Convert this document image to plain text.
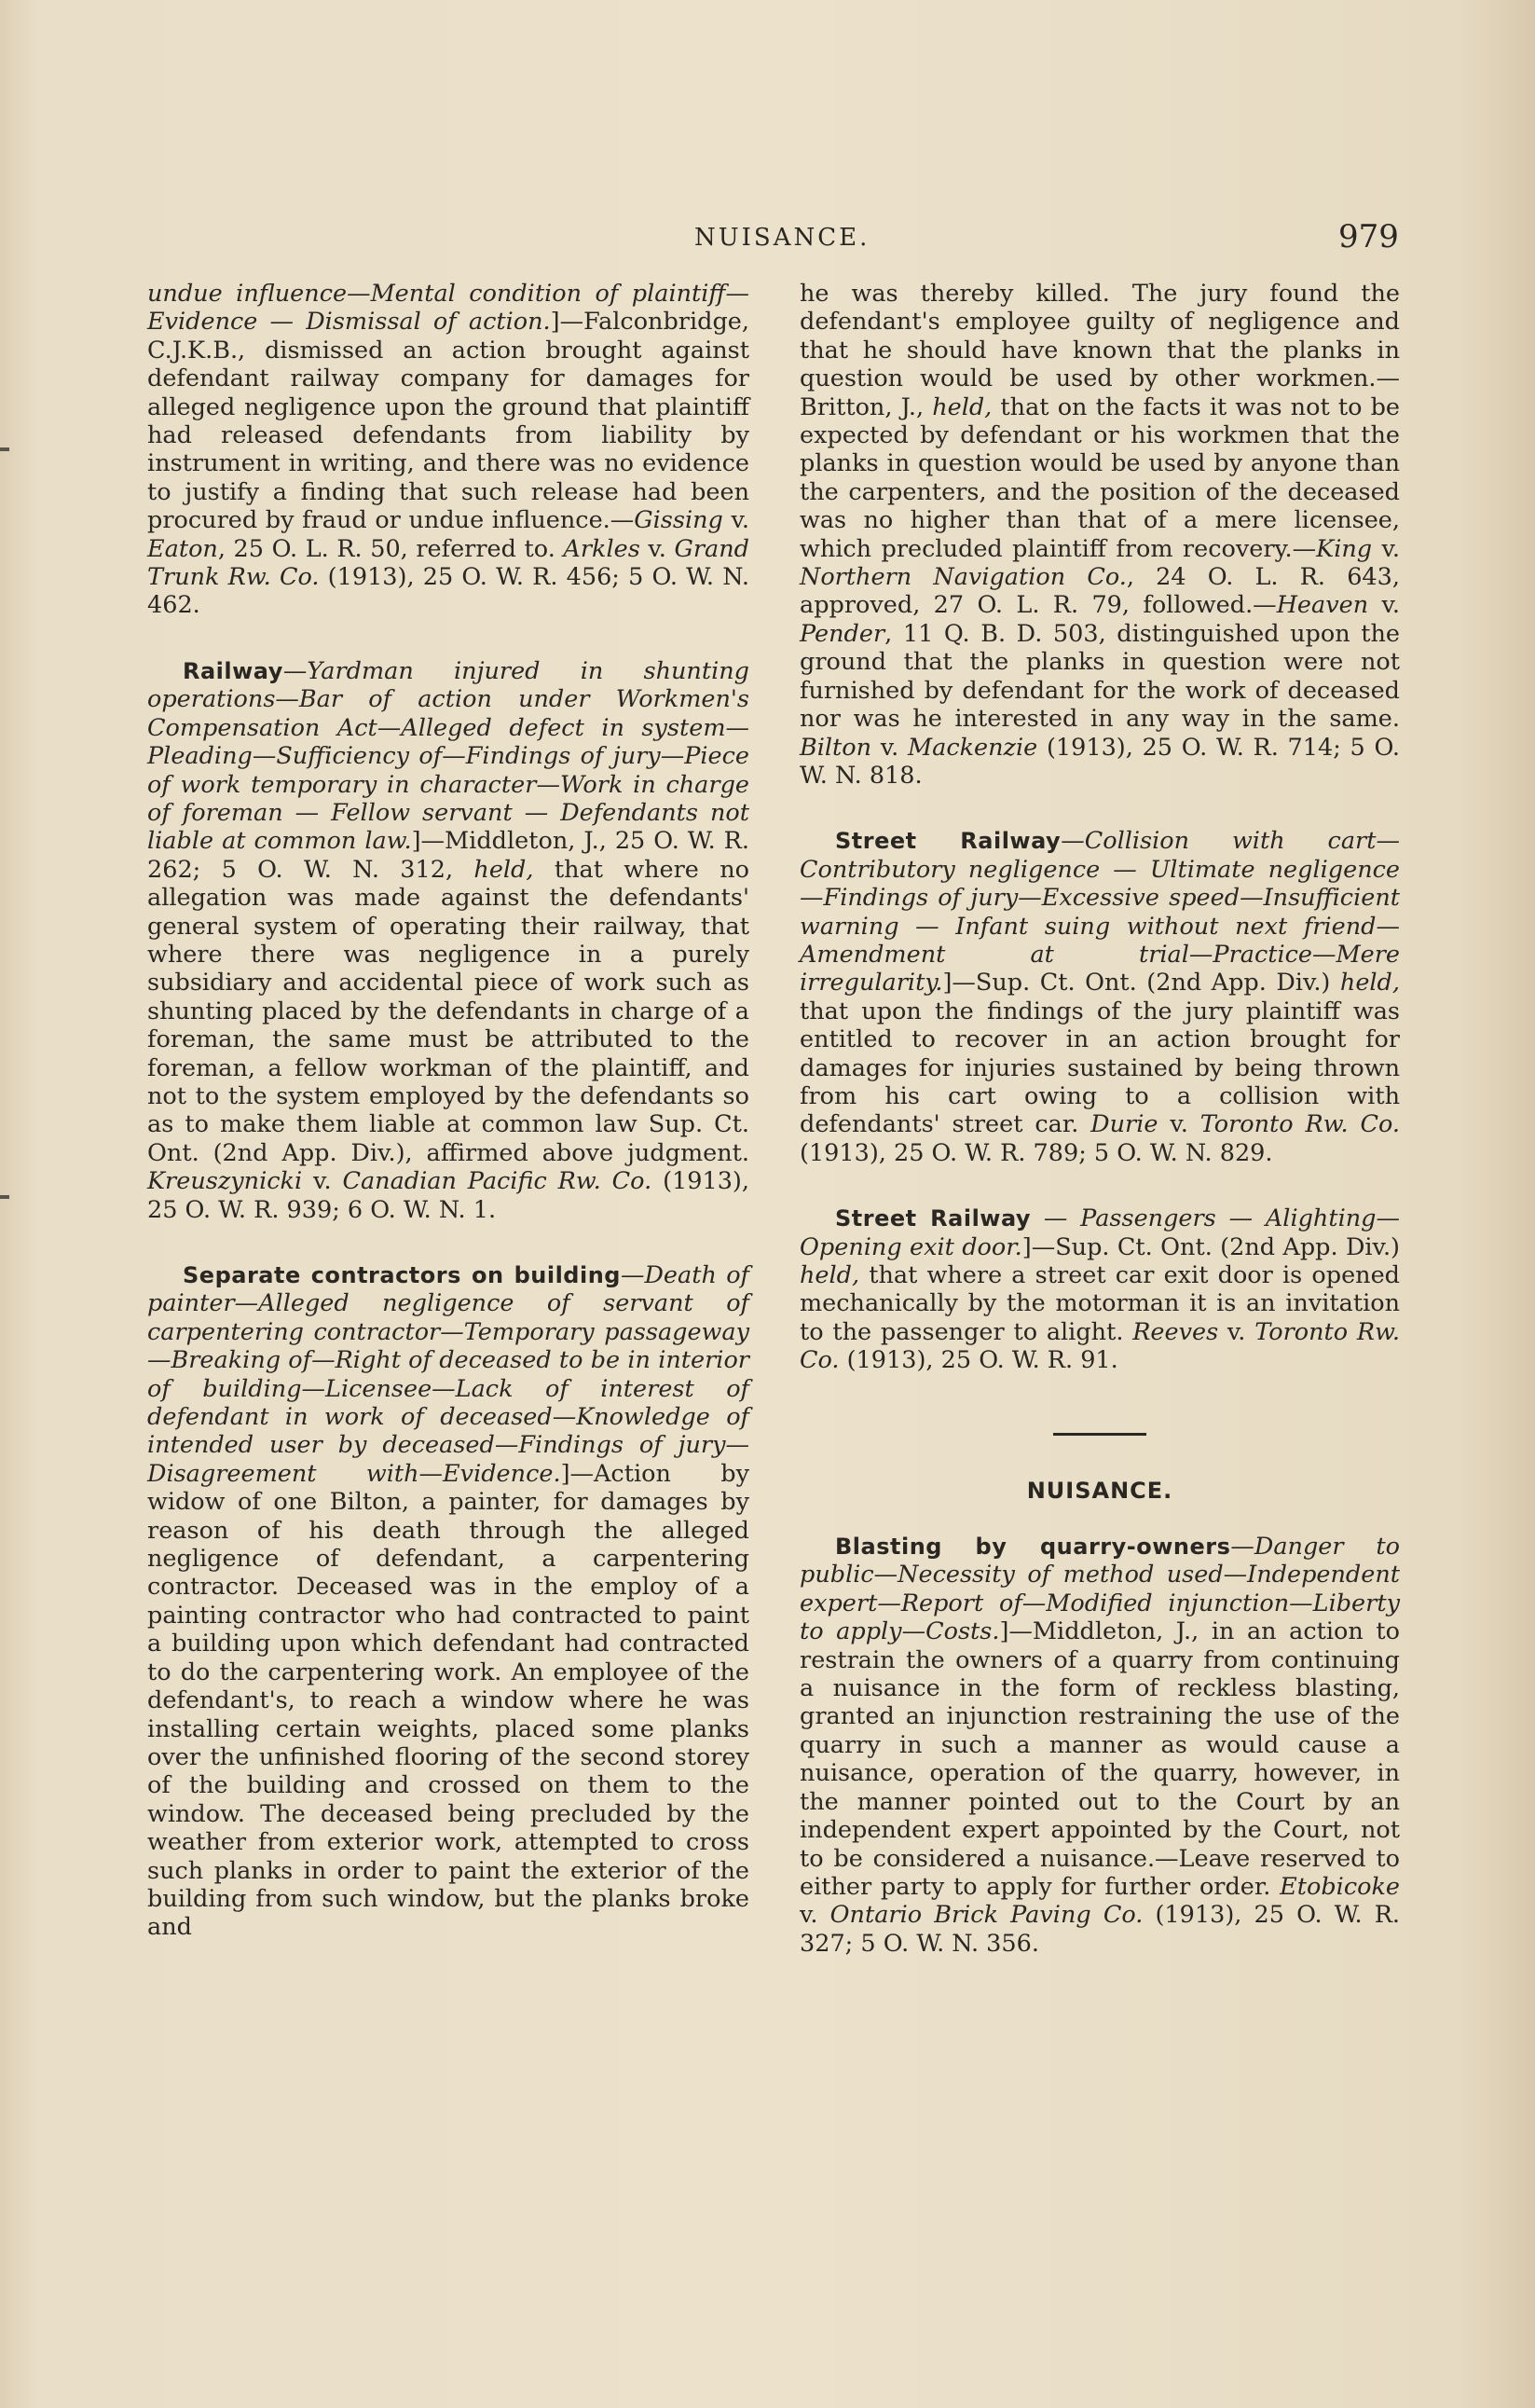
NUISANCE.	979

undue influence—Mental condition of plaintiff—Evidence — Dismissal of action.]—Falconbridge, C.J.K.B., dismissed an action brought against defendant railway company for damages for alleged negligence upon the ground that plaintiff had released defendants from liability by instrument in writing, and there was no evidence to justify a finding that such release had been procured by fraud or undue influence.—Gissing v. Eaton, 25 O. L. R. 50, referred to. Arkles v. Grand Trunk Rw. Co. (1913), 25 O. W. R. 456; 5 O. W. N. 462.

Railway—Yardman injured in shunting operations—Bar of action under Workmen's Compensation Act—Alleged defect in system—Pleading—Sufficiency of—Findings of jury—Piece of work temporary in character—Work in charge of foreman — Fellow servant — Defendants not liable at common law.]—Middleton, J., 25 O. W. R. 262; 5 O. W. N. 312, held, that where no allegation was made against the defendants' general system of operating their railway, that where there was negligence in a purely subsidiary and accidental piece of work such as shunting placed by the defendants in charge of a foreman, the same must be attributed to the foreman, a fellow workman of the plaintiff, and not to the system employed by the defendants so as to make them liable at common law Sup. Ct. Ont. (2nd App. Div.), affirmed above judgment. Kreuszynicki v. Canadian Pacific Rw. Co. (1913), 25 O. W. R. 939; 6 O. W. N. 1.

Separate contractors on building—Death of painter—Alleged negligence of servant of carpentering contractor—Temporary passageway—Breaking of—Right of deceased to be in interior of building—Licensee—Lack of interest of defendant in work of deceased—Knowledge of intended user by deceased—Findings of jury—Disagreement with—Evidence.]—Action by widow of one Bilton, a painter, for damages by reason of his death through the alleged negligence of defendant, a carpentering contractor. Deceased was in the employ of a painting contractor who had contracted to paint a building upon which defendant had contracted to do the carpentering work. An employee of the defendant's, to reach a window where he was installing certain weights, placed some planks over the unfinished flooring of the second storey of the building and crossed on them to the window. The deceased being precluded by the weather from exterior work, attempted to cross such planks in order to paint the exterior of the building from such window, but the planks broke and

he was thereby killed. The jury found the defendant's employee guilty of negligence and that he should have known that the planks in question would be used by other workmen.—Britton, J., held, that on the facts it was not to be expected by defendant or his workmen that the planks in question would be used by anyone than the carpenters, and the position of the deceased was no higher than that of a mere licensee, which precluded plaintiff from recovery.—King v. Northern Navigation Co., 24 O. L. R. 643, approved, 27 O. L. R. 79, followed.—Heaven v. Pender, 11 Q. B. D. 503, distinguished upon the ground that the planks in question were not furnished by defendant for the work of deceased nor was he interested in any way in the same. Bilton v. Mackenzie (1913), 25 O. W. R. 714; 5 O. W. N. 818.

Street Railway—Collision with cart—Contributory negligence — Ultimate negligence—Findings of jury—Excessive speed—Insufficient warning — Infant suing without next friend—Amendment at trial—Practice—Mere irregularity.]—Sup. Ct. Ont. (2nd App. Div.) held, that upon the findings of the jury plaintiff was entitled to recover in an action brought for damages for injuries sustained by being thrown from his cart owing to a collision with defendants' street car. Durie v. Toronto Rw. Co. (1913), 25 O. W. R. 789; 5 O. W. N. 829.

Street Railway — Passengers — Alighting—Opening exit door.]—Sup. Ct. Ont. (2nd App. Div.) held, that where a street car exit door is opened mechanically by the motorman it is an invitation to the passenger to alight. Reeves v. Toronto Rw. Co. (1913), 25 O. W. R. 91.

NUISANCE.

Blasting by quarry-owners—Danger to public—Necessity of method used—Independent expert—Report of—Modified injunction—Liberty to apply—Costs.]—Middleton, J., in an action to restrain the owners of a quarry from continuing a nuisance in the form of reckless blasting, granted an injunction restraining the use of the quarry in such a manner as would cause a nuisance, operation of the quarry, however, in the manner pointed out to the Court by an independent expert appointed by the Court, not to be considered a nuisance.—Leave reserved to either party to apply for further order. Etobicoke v. Ontario Brick Paving Co. (1913), 25 O. W. R. 327; 5 O. W. N. 356.
